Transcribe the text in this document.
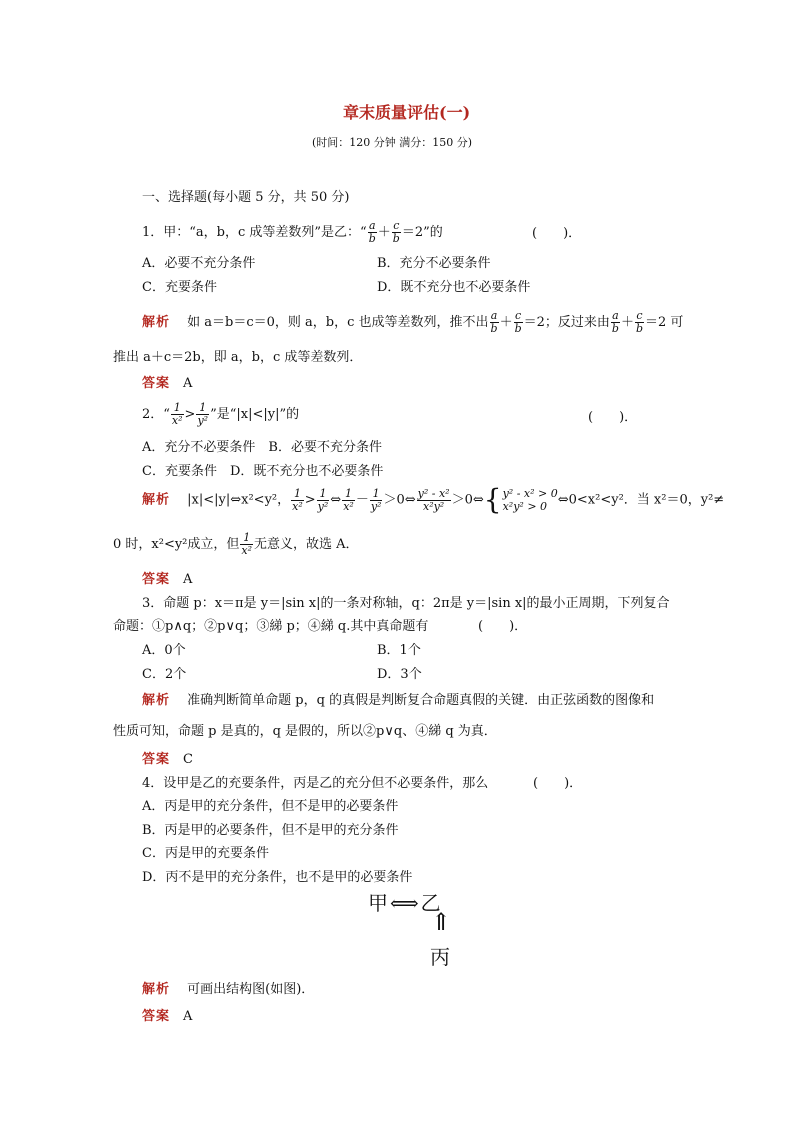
章末质量评估(一)
(时间：120 分钟 满分：150 分)
一、选择题(每小题 5 分，共 50 分)
1．甲：“a，b，c 成等差数列”是乙：“ $\frac{a}{b} + \frac{c}{b} =2$”的	(　　)．
A．必要不充分条件	B．充分不必要条件
C．充要条件	D．既不充分也不必要条件
解析　 如 a＝b＝c＝0，则 a，b，c 也成等差数列，推不出 $\frac{a}{b} + \frac{c}{b} =2$；反过来由 $\frac{a}{b} + \frac{c}{b} =2$ 可
推出 a＋c＝2b，即 a，b，c 成等差数列．
答案　 A
2．“ $\frac{1}{\text{x²}} > \frac{1}{\text{y²}}$ ”是“|x|<|y|”的	(　　)．
A．充分不必要条件　B．必要不充分条件
C．充要条件　D．既不充分也不必要条件
解析　 |x|<|y|⇔x²<y²， $\frac{1}{\text{x²}} > \frac{1}{\text{y²}}$ ⇔ $\frac{1}{\text{x²}} - \frac{1}{\text{y²}}$ ＞0⇔ $\frac{\text{y² - x²}}{\text{x²y²}}$ ＞0⇔{ y² - x² > 0
x²y² > 0 ⇔0<x²<y²．当 x²＝0，y²≠
0 时，x²<y²成立，但 $\frac{1}{\text{x²}}$ 无意义，故选 A．
答案　 A
3．命题 p：x＝π是 y＝|sin x|的一条对称轴，q：2π是 y＝|sin x|的最小正周期，下列复合
命题：①p∧q；②p∨q；③綈 p；④綈 q.其中真命题有	(　　)．
A．0个	B．1个
C．2个	D．3个
解析　 准确判断简单命题 p，q 的真假是判断复合命题真假的关键．由正弦函数的图像和
性质可知，命题 p 是真的，q 是假的，所以②p∨q、④綈 q 为真．
答案　 C
4．设甲是乙的充要条件，丙是乙的充分但不必要条件，那么	(　　)．
A．丙是甲的充分条件，但不是甲的必要条件
B．丙是甲的必要条件，但不是甲的充分条件
C．丙是甲的充要条件
D．丙不是甲的充分条件，也不是甲的必要条件
甲 ⟺ 乙
⇑
丙
解析　 可画出结构图(如图)．
答案　 A
